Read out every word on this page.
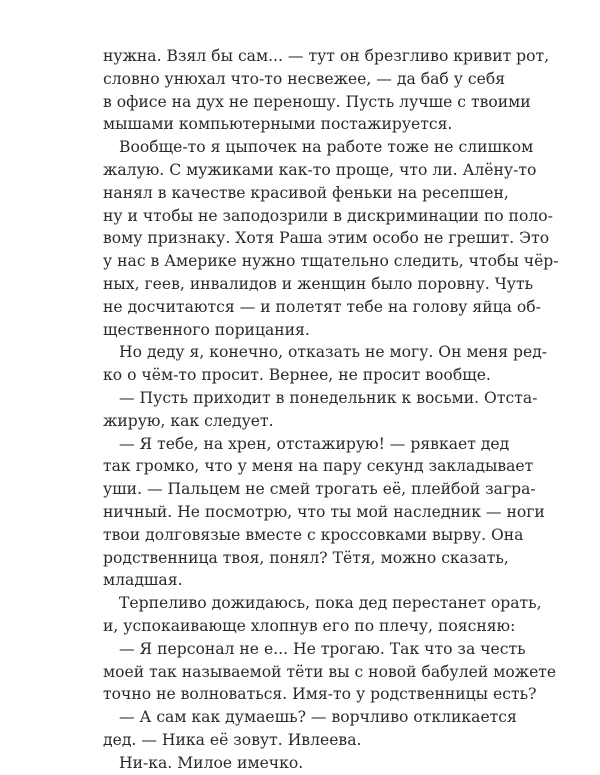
нужна. Взял бы сам... — тут он брезгливо кривит рот,
словно унюхал что-то несвежее, — да баб у себя
в офисе на дух не переношу. Пусть лучше с твоими
мышами компьютерными постажируется.
Вообще-то я цыпочек на работе тоже не слишком
жалую. С мужиками как-то проще, что ли. Алёну-то
нанял в качестве красивой феньки на ресепшен,
ну и чтобы не заподозрили в дискриминации по поло-
вому признаку. Хотя Раша этим особо не грешит. Это
у нас в Америке нужно тщательно следить, чтобы чёр-
ных, геев, инвалидов и женщин было поровну. Чуть
не досчитаются — и полетят тебе на голову яйца об-
щественного порицания.
Но деду я, конечно, отказать не могу. Он меня ред-
ко о чём-то просит. Вернее, не просит вообще.
— Пусть приходит в понедельник к восьми. Отста-
жирую, как следует.
— Я тебе, на хрен, отстажирую! — рявкает дед
так громко, что у меня на пару секунд закладывает
уши. — Пальцем не смей трогать её, плейбой загра-
ничный. Не посмотрю, что ты мой наследник — ноги
твои долговязые вместе с кроссовками вырву. Она
родственница твоя, понял? Тётя, можно сказать,
младшая.
Терпеливо дожидаюсь, пока дед перестанет орать,
и, успокаивающе хлопнув его по плечу, поясняю:
— Я персонал не е... Не трогаю. Так что за честь
моей так называемой тёти вы с новой бабулей можете
точно не волноваться. Имя-то у родственницы есть?
— А сам как думаешь? — ворчливо откликается
дед. — Ника её зовут. Ивлеева.
Ни-ка. Милое имечко.
